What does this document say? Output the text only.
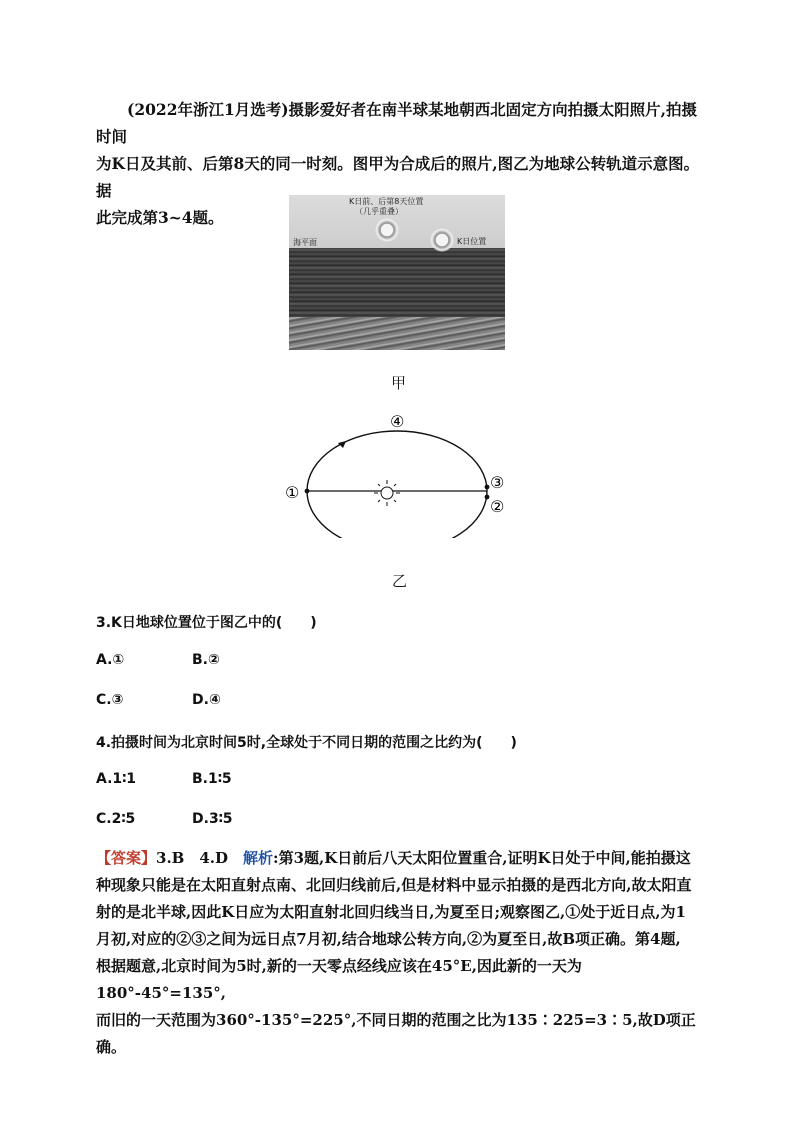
(2022年浙江1月选考)摄影爱好者在南半球某地朝西北固定方向拍摄太阳照片,拍摄时间

为K日及其前、后第8天的同一时刻。图甲为合成后的照片,图乙为地球公转轨道示意图。据

此完成第3~4题。

K日前、后第8天位置
（几乎重叠）
海平面	K日位置
甲
①
②
③
④
乙
3.K日地球位置位于图乙中的(　　)
A.①	B.②
C.③	D.④
4.拍摄时间为北京时间5时,全球处于不同日期的范围之比约为(　　)
A.1∶1	B.1∶5
C.2∶5	D.3∶5

【答案】3.B　4.D　解析:第3题,K日前后八天太阳位置重合,证明K日处于中间,能拍摄这

种现象只能是在太阳直射点南、北回归线前后,但是材料中显示拍摄的是西北方向,故太阳直

射的是北半球,因此K日应为太阳直射北回归线当日,为夏至日;观察图乙,①处于近日点,为1

月初,对应的②③之间为远日点7月初,结合地球公转方向,②为夏至日,故B项正确。第4题,

根据题意,北京时间为5时,新的一天零点经线应该在45°E,因此新的一天为180°-45°=135°,

而旧的一天范围为360°-135°=225°,不同日期的范围之比为135∶225=3∶5,故D项正确。
